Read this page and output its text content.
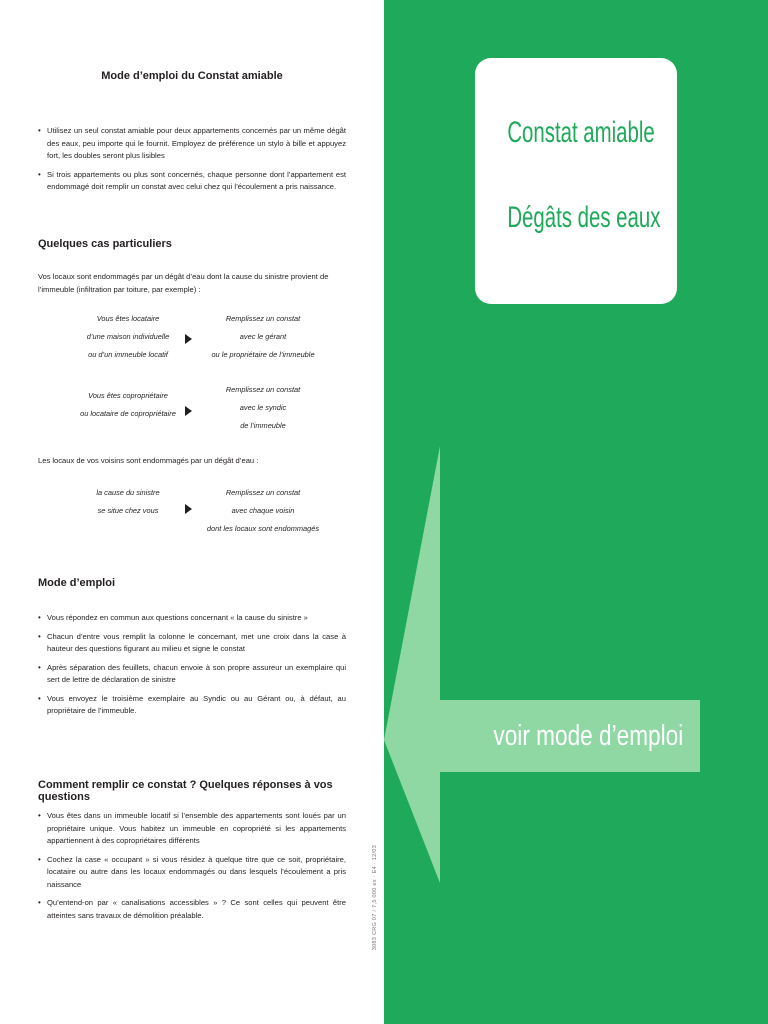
Mode d’emploi du Constat amiable
• Utilisez un seul constat amiable pour deux appartements concernés par un même dégât des eaux, peu importe qui le fournit. Employez de préférence un stylo à bille et appuyez fort, les doubles seront plus lisibles
• Si trois appartements ou plus sont concernés, chaque personne dont l’appartement est endommagé doit remplir un constat avec celui chez qui l’écoulement a pris naissance.
Quelques cas particuliers
Vos locaux sont endommagés par un dégât d’eau dont la cause du sinistre provient de l’immeuble (infiltration par toiture, par exemple) :
Vous êtes locataire
d’une maison individuelle
ou d’un immeuble locatif
Remplissez un constat
avec le gérant
ou le propriétaire de l’immeuble
Vous êtes copropriétaire
ou locataire de copropriétaire
Remplissez un constat
avec le syndic
de l’immeuble
Les locaux de vos voisins sont endommagés par un dégât d’eau :
la cause du sinistre
se situe chez vous
Remplissez un constat
avec chaque voisin
dont les locaux sont endommagés
Mode d’emploi
• Vous répondez en commun aux questions concernant « la cause du sinistre »
• Chacun d’entre vous remplit la colonne le concernant, met une croix dans la case à hauteur des questions figurant au milieu et signe le constat
• Après séparation des feuillets, chacun envoie à son propre assureur un exemplaire qui sert de lettre de déclaration de sinistre
• Vous envoyez le troisième exemplaire au Syndic ou au Gérant ou, à défaut, au propriétaire de l’immeuble.
Comment remplir ce constat ? Quelques réponses à vos questions
• Vous êtes dans un immeuble locatif si l’ensemble des appartements sont loués par un propriétaire unique. Vous habitez un immeuble en copropriété si les appartements appartiennent à des copropriétaires différents
• Cochez la case « occupant » si vous résidez à quelque titre que ce soit, propriétaire, locataire ou autre dans les locaux endommagés ou dans lesquels l’écoulement a pris naissance
• Qu’entend-on par « canalisations accessibles » ? Ce sont celles qui peuvent être atteintes sans travaux de démolition préalable.	3083 CRG 07 / 7,5 000 ex · E4 · 12/03
Constat amiable
Dégâts des eaux
voir mode d’emploi
